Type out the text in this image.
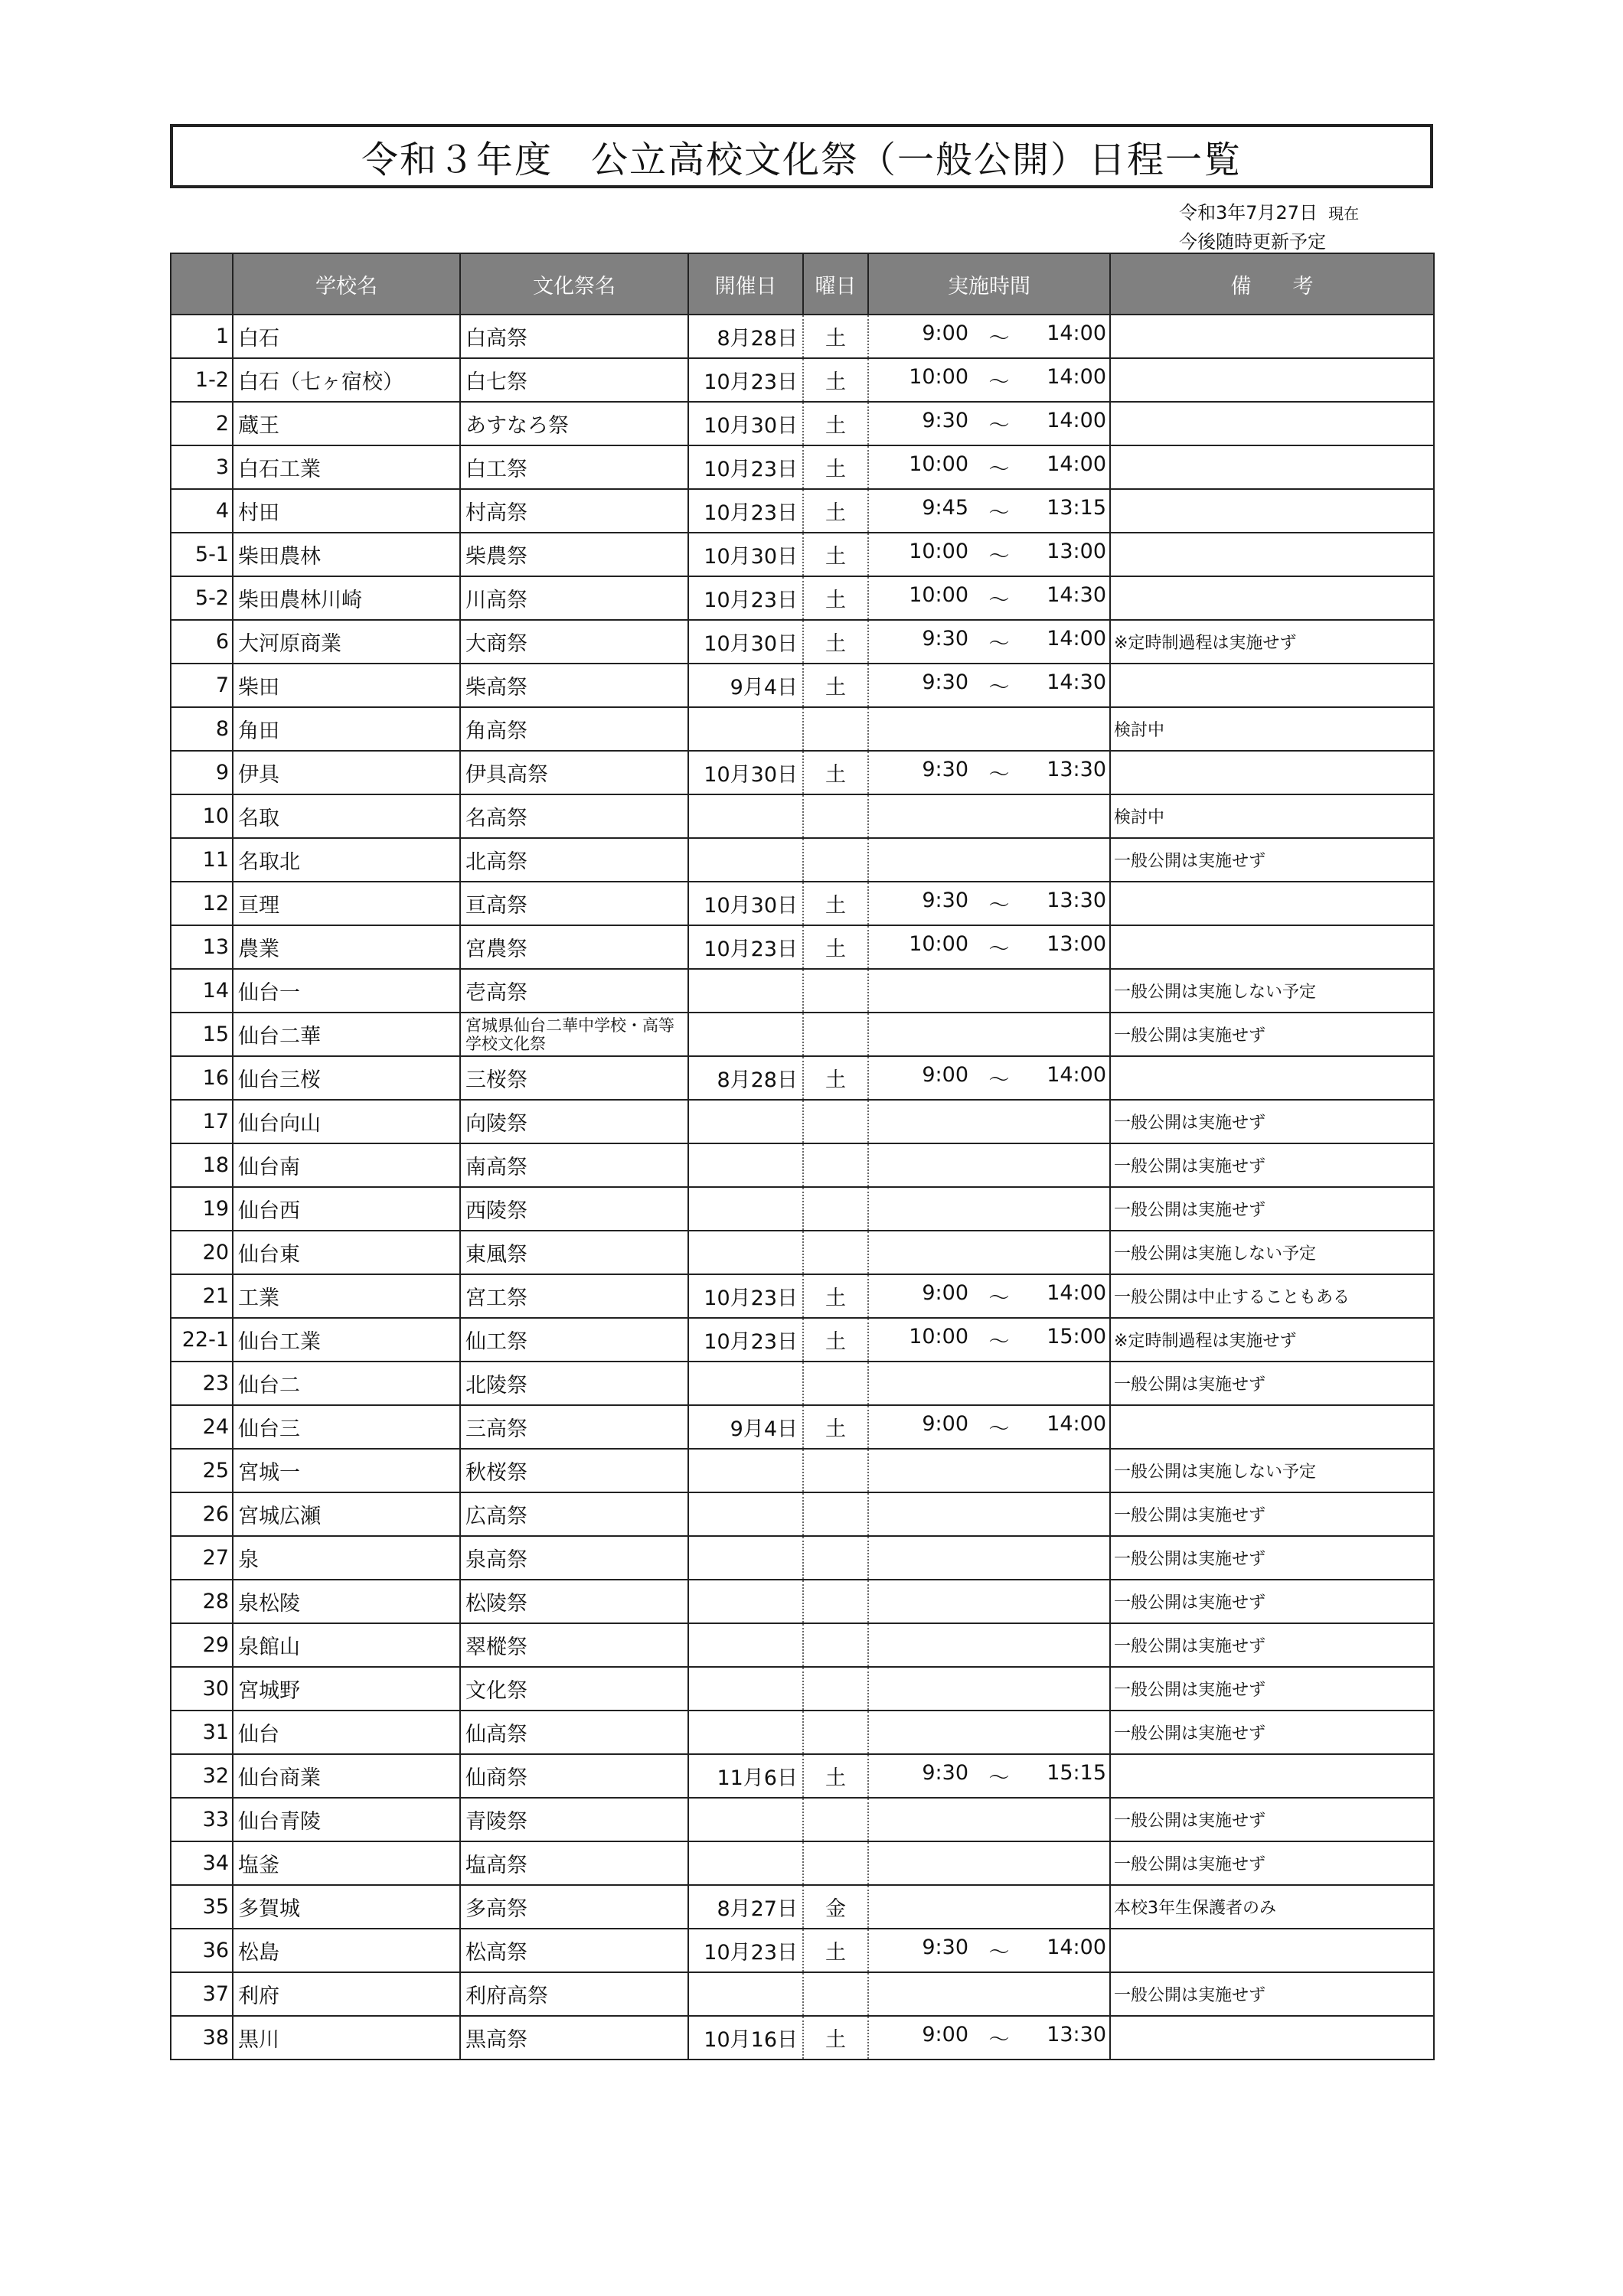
令和３年度　公立高校文化祭（一般公開）日程一覧
令和3年7月27日 現在
今後随時更新予定
	学校名	文化祭名	開催日	曜日	実施時間	備　　考
1	白石	白高祭	8月28日	土	9:00 ～ 14:00	

1-2	白石（七ヶ宿校）	白七祭	10月23日	土	10:00 ～ 14:00	

2	蔵王	あすなろ祭	10月30日	土	9:30 ～ 14:00	

3	白石工業	白工祭	10月23日	土	10:00 ～ 14:00	

4	村田	村高祭	10月23日	土	9:45 ～ 13:15	

5-1	柴田農林	柴農祭	10月30日	土	10:00 ～ 13:00	

5-2	柴田農林川崎	川高祭	10月23日	土	10:00 ～ 14:30	

6	大河原商業	大商祭	10月30日	土	9:30 ～ 14:00	※定時制過程は実施せず
7	柴田	柴高祭	9月4日	土	9:30 ～ 14:30	

8	角田	角高祭				検討中
9	伊具	伊具高祭	10月30日	土	9:30 ～ 13:30	

10	名取	名高祭				検討中
11	名取北	北高祭				一般公開は実施せず
12	亘理	亘高祭	10月30日	土	9:30 ～ 13:30	

13	農業	宮農祭	10月23日	土	10:00 ～ 13:00	

14	仙台一	壱高祭				一般公開は実施しない予定
15	仙台二華	宮城県仙台二華中学校・高等学校文化祭				一般公開は実施せず
16	仙台三桜	三桜祭	8月28日	土	9:00 ～ 14:00	

17	仙台向山	向陵祭				一般公開は実施せず
18	仙台南	南高祭				一般公開は実施せず
19	仙台西	西陵祭				一般公開は実施せず
20	仙台東	東風祭				一般公開は実施しない予定
21	工業	宮工祭	10月23日	土	9:00 ～ 14:00	一般公開は中止することもある
22-1	仙台工業	仙工祭	10月23日	土	10:00 ～ 15:00	※定時制過程は実施せず
23	仙台二	北陵祭				一般公開は実施せず
24	仙台三	三高祭	9月4日	土	9:00 ～ 14:00	

25	宮城一	秋桜祭				一般公開は実施しない予定
26	宮城広瀬	広高祭				一般公開は実施せず
27	泉	泉高祭				一般公開は実施せず
28	泉松陵	松陵祭				一般公開は実施せず
29	泉館山	翠樅祭				一般公開は実施せず
30	宮城野	文化祭				一般公開は実施せず
31	仙台	仙高祭				一般公開は実施せず
32	仙台商業	仙商祭	11月6日	土	9:30 ～ 15:15	

33	仙台青陵	青陵祭				一般公開は実施せず
34	塩釜	塩高祭				一般公開は実施せず
35	多賀城	多高祭	8月27日	金		本校3年生保護者のみ
36	松島	松高祭	10月23日	土	9:30 ～ 14:00	

37	利府	利府高祭				一般公開は実施せず
38	黒川	黒高祭	10月16日	土	9:00 ～ 13:30	
